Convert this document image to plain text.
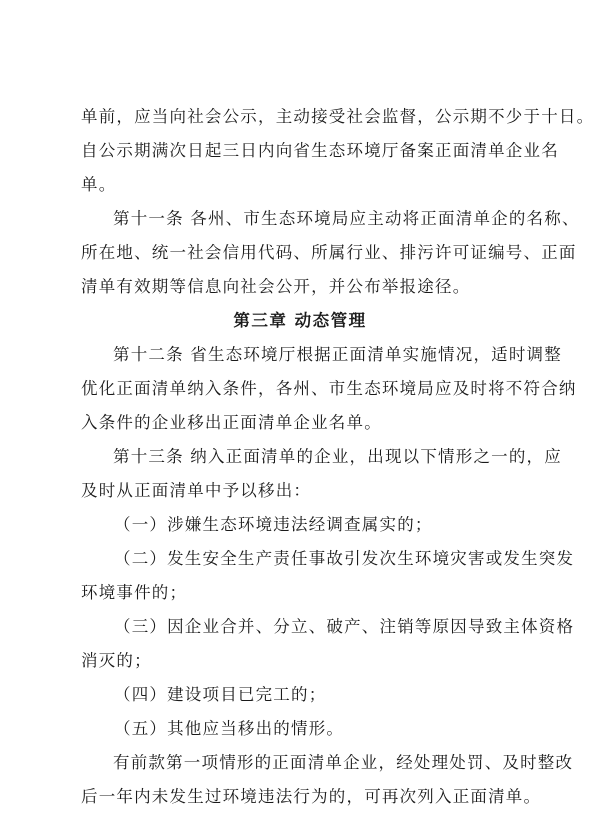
单前，应当向社会公示，主动接受社会监督，公示期不少于十日。
自公示期满次日起三日内向省生态环境厅备案正面清单企业名
单。
第十一条 各州、市生态环境局应主动将正面清单企的名称、
所在地、统一社会信用代码、所属行业、排污许可证编号、正面
清单有效期等信息向社会公开，并公布举报途径。
第三章 动态管理
第十二条 省生态环境厅根据正面清单实施情况，适时调整
优化正面清单纳入条件，各州、市生态环境局应及时将不符合纳
入条件的企业移出正面清单企业名单。
第十三条 纳入正面清单的企业，出现以下情形之一的，应
及时从正面清单中予以移出：
（一）涉嫌生态环境违法经调查属实的；
（二）发生安全生产责任事故引发次生环境灾害或发生突发
环境事件的；
（三）因企业合并、分立、破产、注销等原因导致主体资格
消灭的；
（四）建设项目已完工的；
（五）其他应当移出的情形。
有前款第一项情形的正面清单企业，经处理处罚、及时整改
后一年内未发生过环境违法行为的，可再次列入正面清单。
